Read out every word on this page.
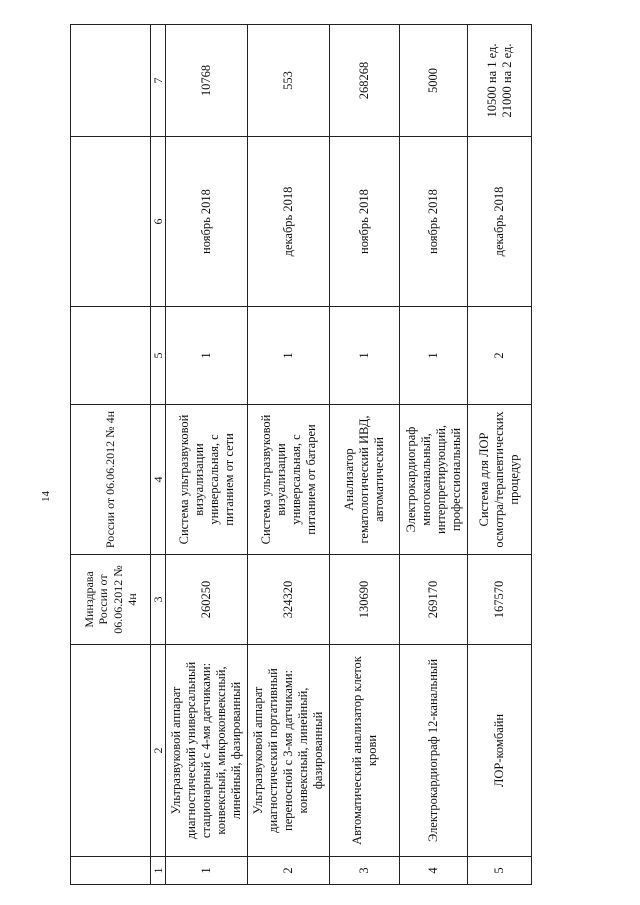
14
		Минздрава России от 06.06.2012 № 4н	России от 06.06.2012 № 4н			
1	2	3	4	5	6	7
1	Ультразвуковой аппарат диагностический универсальный стационарный с 4-мя датчиками: конвексный, микроконвексный, линейный, фазированный	260250	Система ультразвуковой визуализации универсальная, с питанием от сети	1	ноябрь 2018	10768
2	Ультразвуковой аппарат диагностический портативный переносной с 3-мя датчиками: конвексный, линейный, фазированный	324320	Система ультразвуковой визуализации универсальная, с питанием от батареи	1	декабрь 2018	553
3	Автоматический анализатор клеток крови	130690	Анализатор гематологический ИВД, автоматический	1	ноябрь 2018	268268
4	Электрокардиограф 12-канальный	269170	Электрокардиограф многоканальный, интерпретирующий, профессиональный	1	ноябрь 2018	5000
5	ЛОР-комбайн	167570	Система для ЛОР осмотра/терапевтических процедур	2	декабрь 2018	10500 на 1 ед. 21000 на 2 ед.
